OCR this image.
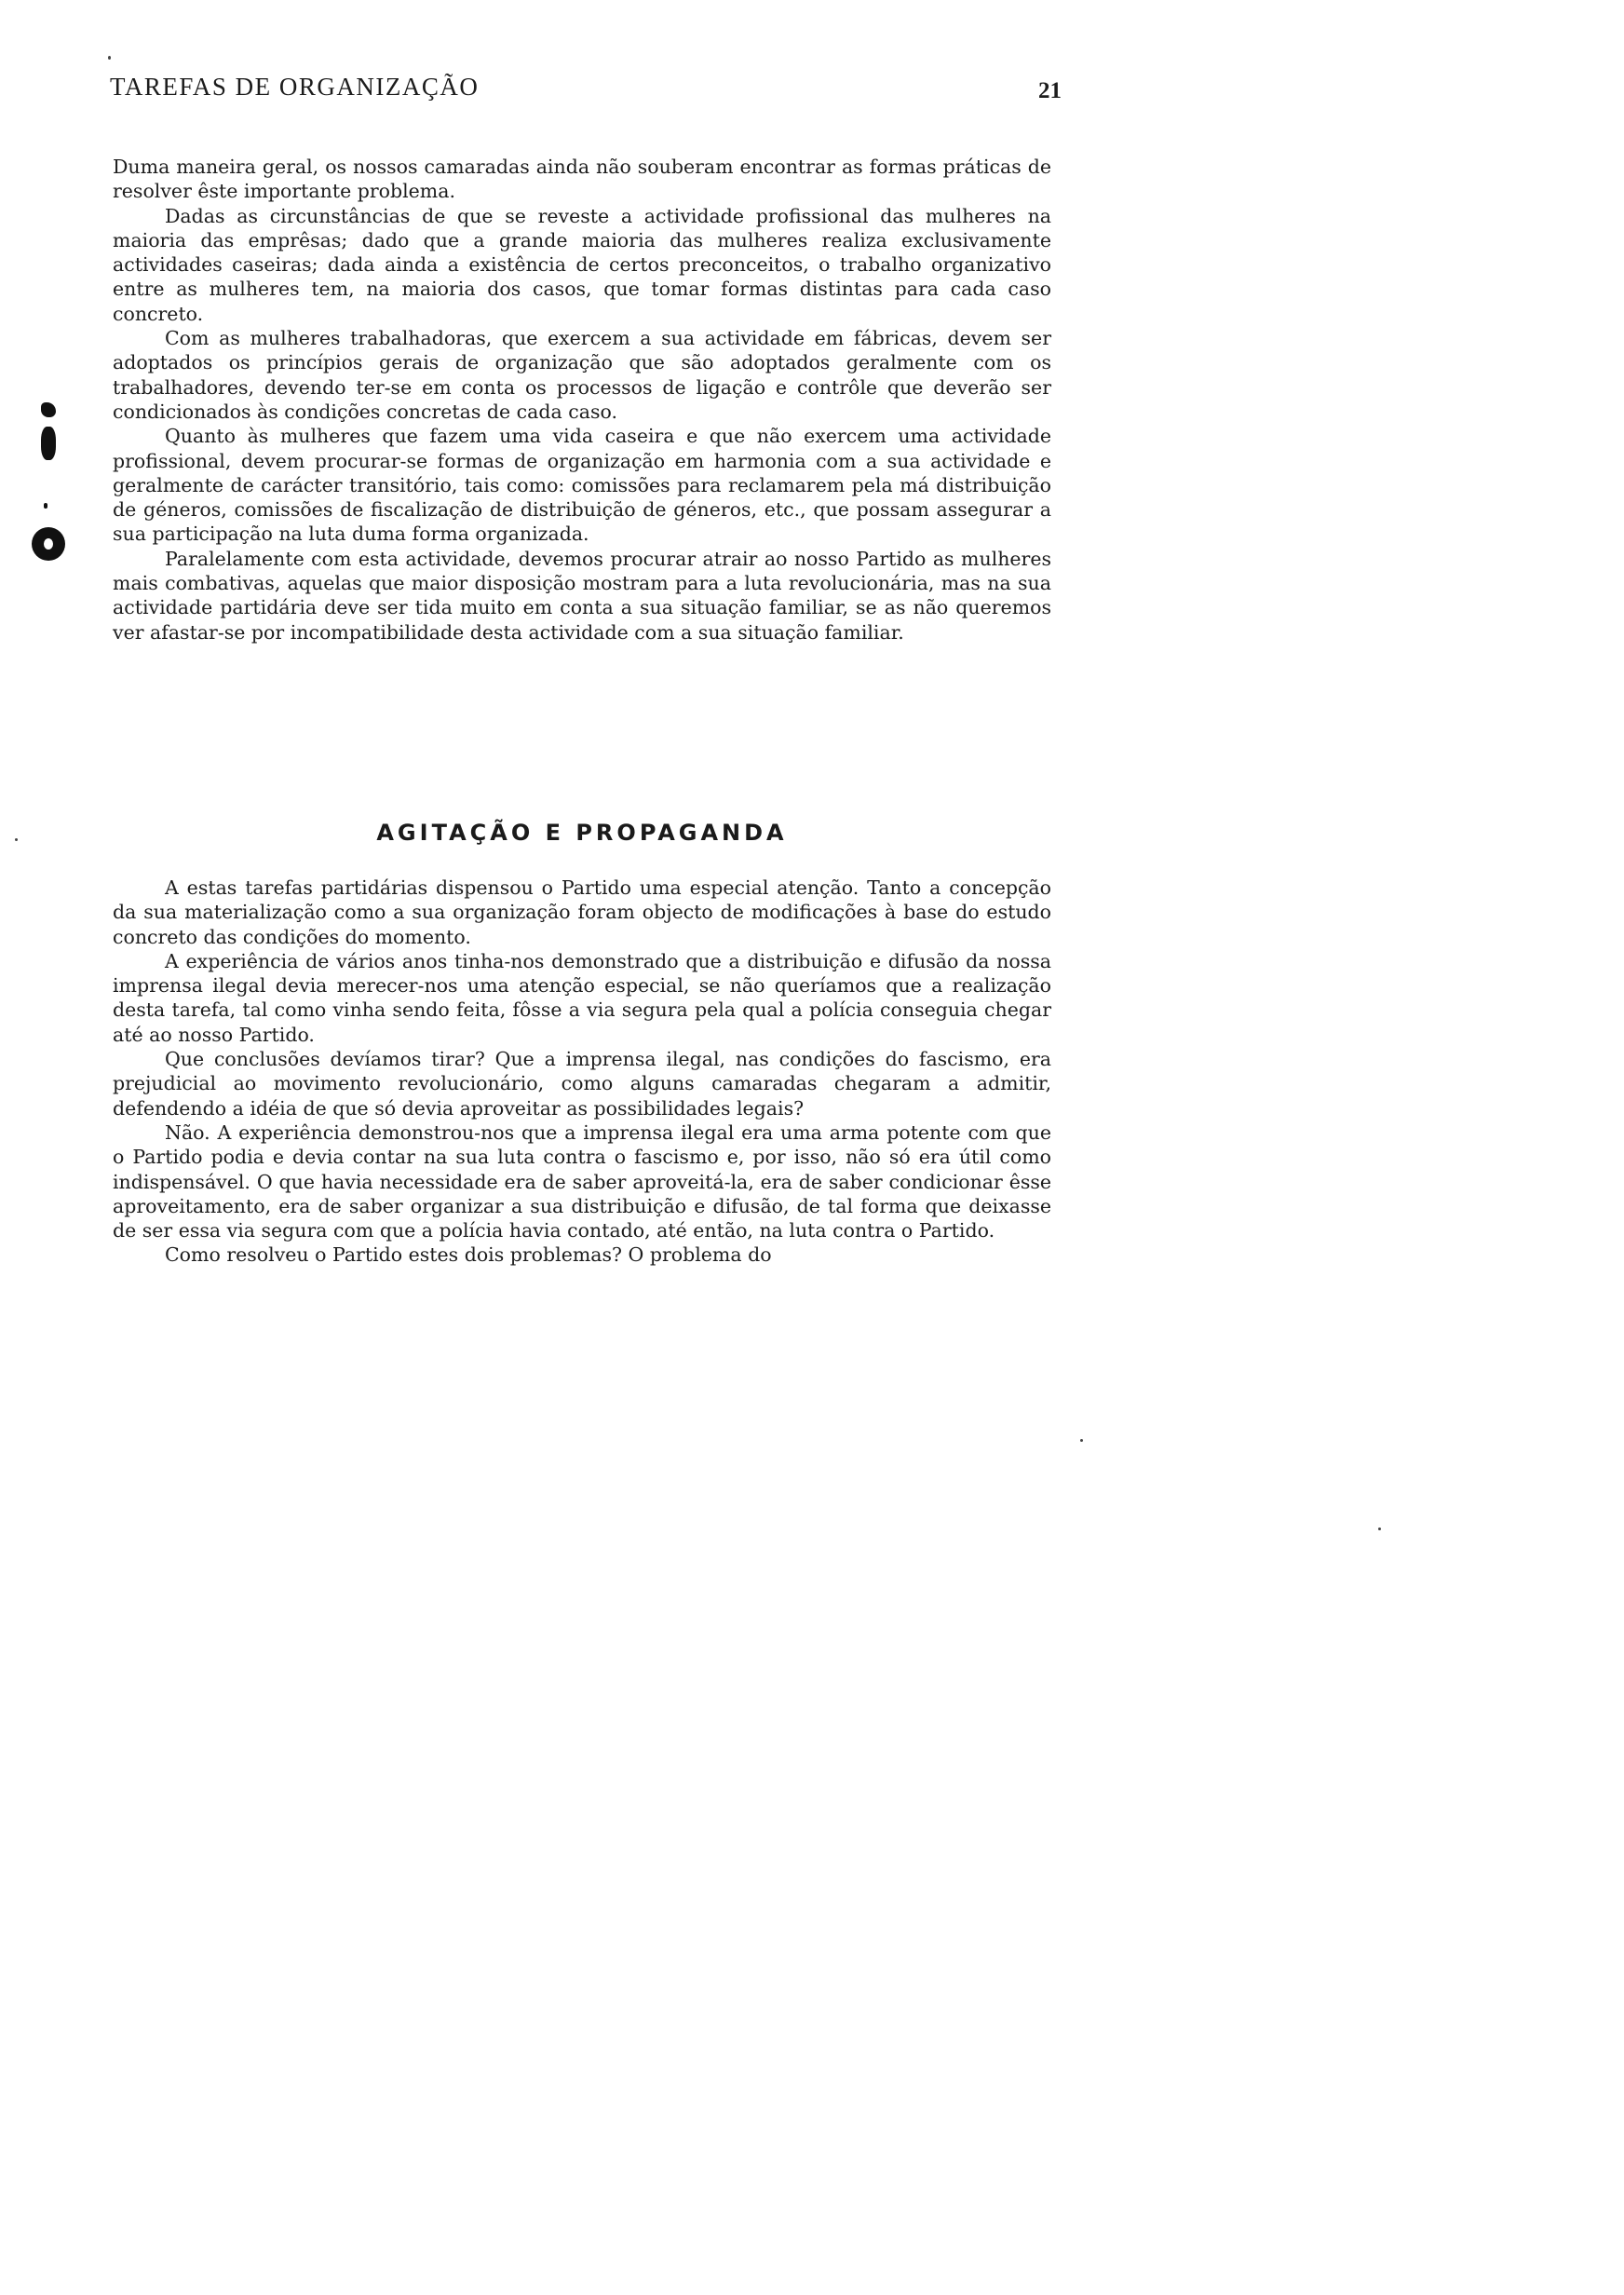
TAREFAS DE ORGANIZAÇÃO	21

Duma maneira geral, os nossos camaradas ainda não souberam encontrar as formas práticas de resolver êste importante problema.

Dadas as circunstâncias de que se reveste a actividade profissional das mulheres na maioria das emprêsas; dado que a grande maioria das mulheres realiza exclusivamente actividades caseiras; dada ainda a existência de certos preconceitos, o trabalho organizativo entre as mulheres tem, na maioria dos casos, que tomar formas distintas para cada caso concreto.

Com as mulheres trabalhadoras, que exercem a sua actividade em fábricas, devem ser adoptados os princípios gerais de organização que são adoptados geralmente com os trabalhadores, devendo ter-se em conta os processos de ligação e contrôle que deverão ser condicionados às condições concretas de cada caso.

Quanto às mulheres que fazem uma vida caseira e que não exercem uma actividade profissional, devem procurar-se formas de organização em harmonia com a sua actividade e geralmente de carácter transitório, tais como: comissões para reclamarem pela má distribuição de géneros, comissões de fiscalização de distribuição de géneros, etc., que possam assegurar a sua participação na luta duma forma organizada.

Paralelamente com esta actividade, devemos procurar atrair ao nosso Partido as mulheres mais combativas, aquelas que maior disposição mostram para a luta revolucionária, mas na sua actividade partidária deve ser tida muito em conta a sua situação familiar, se as não queremos ver afastar-se por incompatibilidade desta actividade com a sua situação familiar.

AGITAÇÃO E PROPAGANDA

A estas tarefas partidárias dispensou o Partido uma especial atenção. Tanto a concepção da sua materialização como a sua organização foram objecto de modificações à base do estudo concreto das condições do momento.

A experiência de vários anos tinha-nos demonstrado que a distribuição e difusão da nossa imprensa ilegal devia merecer-nos uma atenção especial, se não queríamos que a realização desta tarefa, tal como vinha sendo feita, fôsse a via segura pela qual a polícia conseguia chegar até ao nosso Partido.

Que conclusões devíamos tirar? Que a imprensa ilegal, nas condições do fascismo, era prejudicial ao movimento revolucionário, como alguns camaradas chegaram a admitir, defendendo a idéia de que só devia aproveitar as possibilidades legais?

Não. A experiência demonstrou-nos que a imprensa ilegal era uma arma potente com que o Partido podia e devia contar na sua luta contra o fascismo e, por isso, não só era útil como indispensável. O que havia necessidade era de saber aproveitá-la, era de saber condicionar êsse aproveitamento, era de saber organizar a sua distribuição e difusão, de tal forma que deixasse de ser essa via segura com que a polícia havia contado, até então, na luta contra o Partido.

Como resolveu o Partido estes dois problemas? O problema do
